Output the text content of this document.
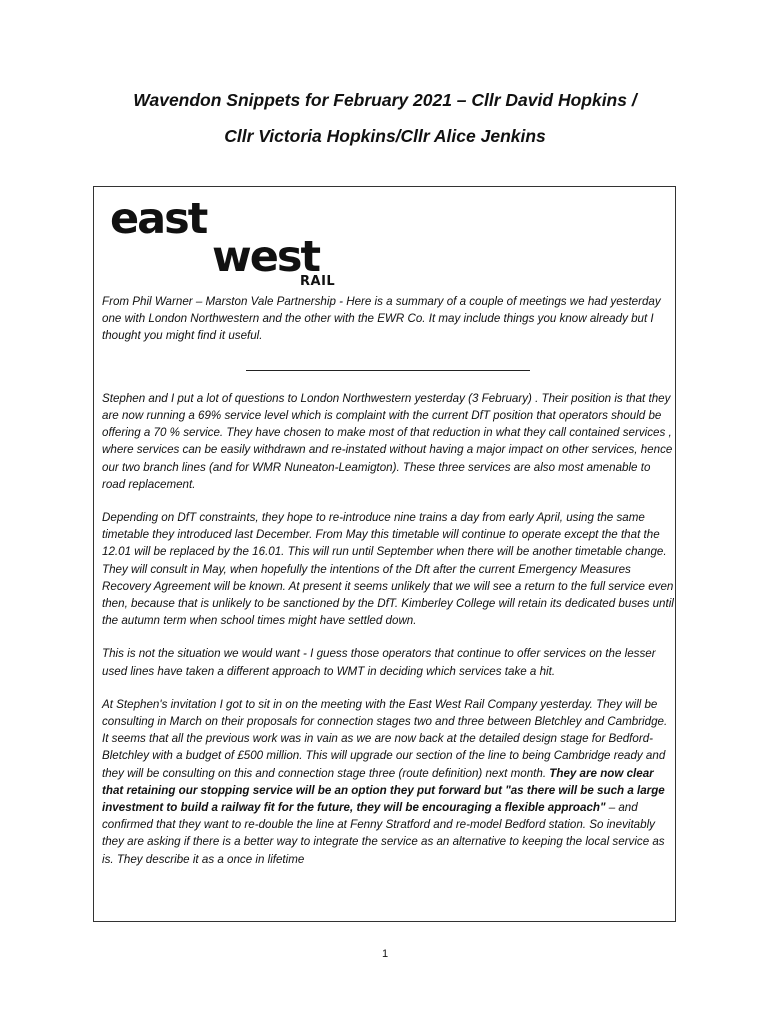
Wavendon Snippets for February 2021 – Cllr David Hopkins /
Cllr Victoria Hopkins/Cllr Alice Jenkins
east
west
RAIL

From Phil Warner – Marston Vale Partnership - Here is a summary of a couple of meetings we had yesterday one with London Northwestern and the other with the EWR Co. It may include things you know already but I thought you might find it useful.

Stephen and I put a lot of questions to London Northwestern yesterday (3 February) . Their position is that they are now running a 69% service level which is complaint with the current DfT position that operators should be offering a 70 % service. They have chosen to make most of that reduction in what they call contained services , where services can be easily withdrawn and re-instated without having a major impact on other services, hence our two branch lines (and for WMR Nuneaton-Leamigton). These three services are also most amenable to road replacement.

Depending on DfT constraints, they hope to re-introduce nine trains a day from early April, using the same timetable they introduced last December. From May this timetable will continue to operate except the that the 12.01 will be replaced by the 16.01. This will run until September when there will be another timetable change. They will consult in May, when hopefully the intentions of the Dft after the current Emergency Measures Recovery Agreement will be known. At present it seems unlikely that we will see a return to the full service even then, because that is unlikely to be sanctioned by the DfT. Kimberley College will retain its dedicated buses until the autumn term when school times might have settled down.

This is not the situation we would want - I guess those operators that continue to offer services on the lesser used lines have taken a different approach to WMT in deciding which services take a hit.

At Stephen's invitation I got to sit in on the meeting with the East West Rail Company yesterday. They will be consulting in March on their proposals for connection stages two and three between Bletchley and Cambridge. It seems that all the previous work was in vain as we are now back at the detailed design stage for Bedford-Bletchley with a budget of £500 million. This will upgrade our section of the line to being Cambridge ready and they will be consulting on this and connection stage three (route definition) next month. They are now clear that retaining our stopping service will be an option they put forward but "as there will be such a large investment to build a railway fit for the future, they will be encouraging a flexible approach" – and confirmed that they want to re-double the line at Fenny Stratford and re-model Bedford station. So inevitably they are asking if there is a better way to integrate the service as an alternative to keeping the local service as is. They describe it as a once in lifetime

1
